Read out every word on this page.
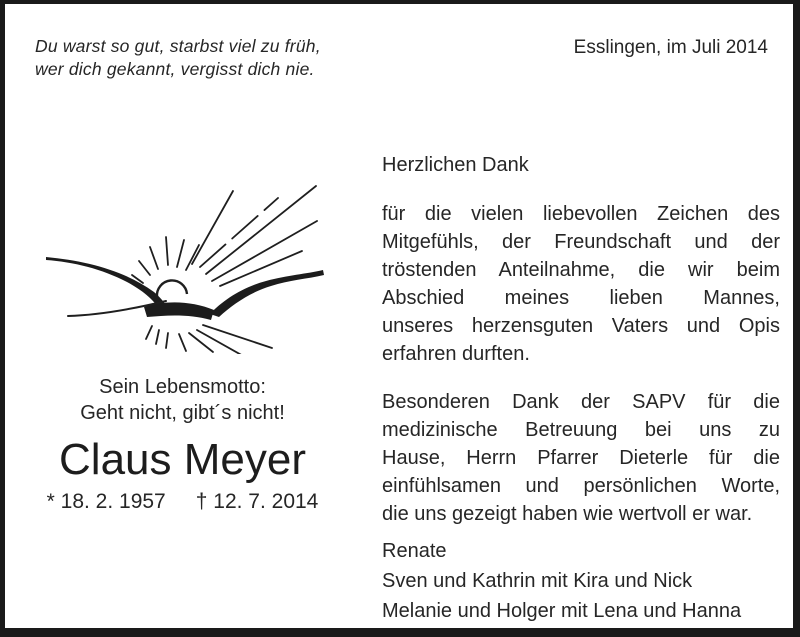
Du warst so gut, starbst viel zu früh,
wer dich gekannt, vergisst dich nie.
Esslingen, im Juli 2014
Sein Lebensmotto:
Geht nicht, gibt´s nicht!
Claus Meyer
* 18. 2. 1957 † 12. 7. 2014
Herzlichen Dank
für die vielen liebevollen Zeichen des
Mitgefühls, der Freundschaft und der
tröstenden Anteilnahme, die wir beim
Abschied meines lieben Mannes,
unseres herzensguten Vaters und Opis
erfahren durften.
Besonderen Dank der SAPV für die
medizinische Betreuung bei uns zu
Hause, Herrn Pfarrer Dieterle für die
einfühlsamen und persönlichen Worte,
die uns gezeigt haben wie wertvoll er war.
Renate
Sven und Kathrin mit Kira und Nick
Melanie und Holger mit Lena und Hanna
